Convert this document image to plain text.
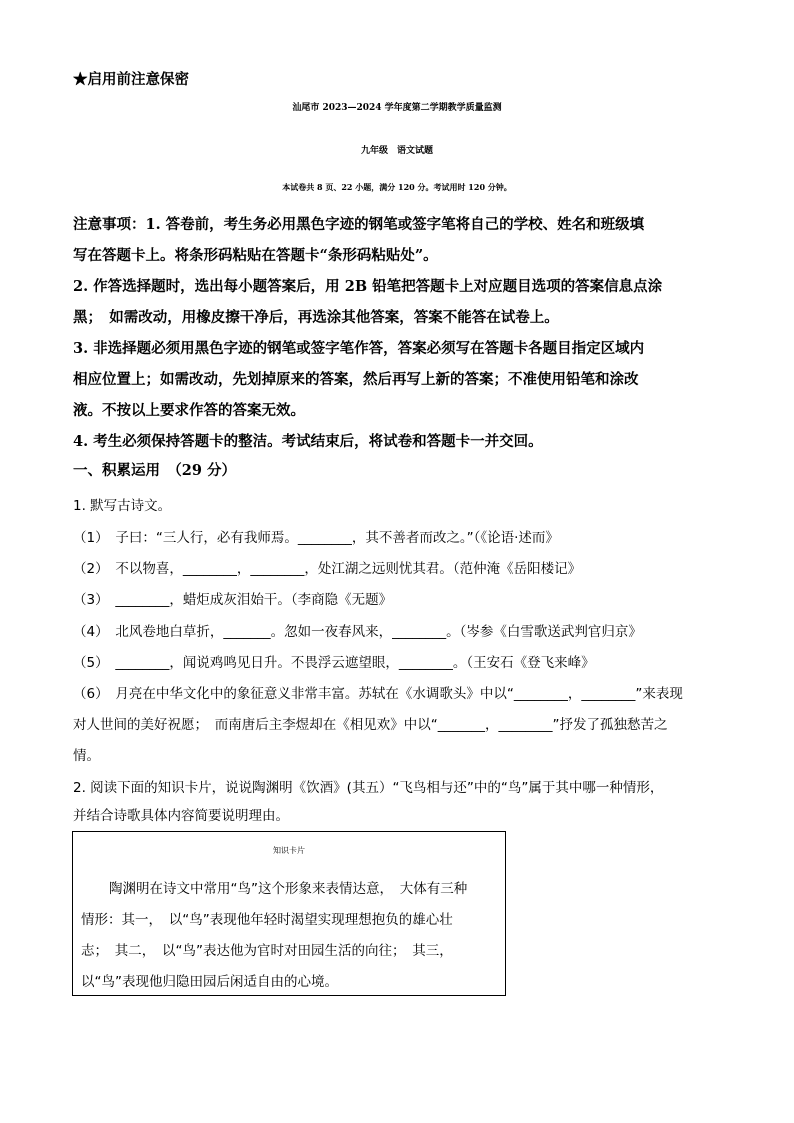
★启用前注意保密
汕尾市 2023—2024 学年度第二学期教学质量监测
九年级　语文试题
本试卷共 8 页、22 小题，满分 120 分。考试用时 120 分钟。
注意事项：1. 答卷前，考生务必用黑色字迹的钢笔或签字笔将自己的学校、姓名和班级填
写在答题卡上。将条形码粘贴在答题卡“条形码粘贴处”。
2. 作答选择题时，选出每小题答案后，用 2B 铅笔把答题卡上对应题目选项的答案信息点涂
黑；　如需改动，用橡皮擦干净后，再选涂其他答案，答案不能答在试卷上。
3. 非选择题必须用黑色字迹的钢笔或签字笔作答，答案必须写在答题卡各题目指定区域内
相应位置上；如需改动，先划掉原来的答案，然后再写上新的答案；不准使用铅笔和涂改
液。不按以上要求作答的答案无效。
4. 考生必须保持答题卡的整洁。考试结束后，将试卷和答题卡一并交回。
一、积累运用　（29 分）
1. 默写古诗文。
（1）　子曰：“三人行，必有我师焉。________，其不善者而改之。”（《论语·述而》
（2）　不以物喜，________，________，处江湖之远则忧其君。（范仲淹《岳阳楼记》
（3）　________，蜡炬成灰泪始干。（李商隐《无题》
（4）　北风卷地白草折，_______。忽如一夜春风来，________。（岑参《白雪歌送武判官归京》
（5）　________，闻说鸡鸣见日升。不畏浮云遮望眼，________。（王安石《登飞来峰》
（6）　月亮在中华文化中的象征意义非常丰富。苏轼在《水调歌头》中以“________，________”来表现
对人世间的美好祝愿；　而南唐后主李煜却在《相见欢》中以“_______，________”抒发了孤独愁苦之
情。
2. 阅读下面的知识卡片，说说陶渊明《饮酒》(其五）“飞鸟相与还”中的“鸟”属于其中哪一种情形，
并结合诗歌具体内容简要说明理由。
知识卡片
陶渊明在诗文中常用“鸟”这个形象来表情达意，　大体有三种
情形：其一，　以“鸟”表现他年轻时渴望实现理想抱负的雄心壮
志；　其二，　以“鸟”表达他为官时对田园生活的向往；　其三，
以“鸟”表现他归隐田园后闲适自由的心境。
